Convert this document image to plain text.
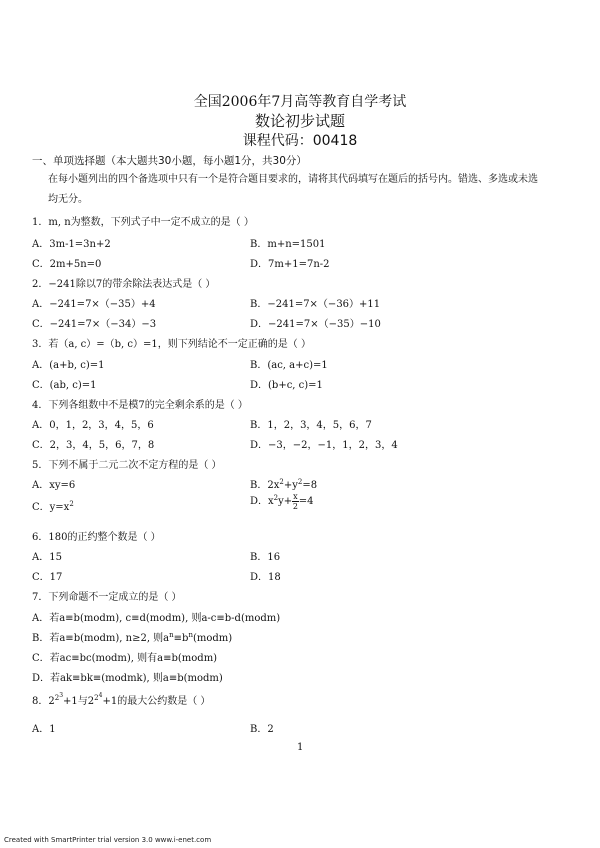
全国2006年7月高等教育自学考试
数论初步试题
课程代码：00418
一、单项选择题（本大题共30小题，每小题1分，共30分）
在每小题列出的四个备选项中只有一个是符合题目要求的，请将其代码填写在题后的括号内。错选、多选或未选
均无分。
1．m, n为整数，下列式子中一定不成立的是（ ）
A．3m-1=3n+2	B．m+n=1501
C．2m+5n=0	D．7m+1=7n-2
2．−241除以7的带余除法表达式是（ ）
A．−241=7×（−35）+4	B．−241=7×（−36）+11
C．−241=7×（−34）−3	D．−241=7×（−35）−10
3．若（a, c）=（b, c）=1，则下列结论不一定正确的是（ ）
A．(a+b, c)=1	B．(ac, a+c)=1
C．(ab, c)=1	D．(b+c, c)=1
4．下列各组数中不是模7的完全剩余系的是（ ）
A．0，1，2，3，4，5，6	B．1，2，3，4，5，6，7
C．2，3，4，5，6，7，8	D．−3，−2，−1，1，2，3，4
5．下列不属于二元二次不定方程的是（ ）
A．xy=6	B．$2x^2+y^2=8$
C．$y=x^2$	D．$x^2y+ \frac{x}{2} =4$
6．180的正约整个数是（ ）
A．15	B．16
C．17	D．18
7．下列命题不一定成立的是（ ）
A．若a≡b(modm), c≡d(modm), 则a-c≡b-d(modm)
B．若a≡b(modm), n≥2, 则$a^n\equiv b^n(modm)$
C．若ac≡bc(modm), 则有a≡b(modm)
D．若ak≡bk≡(modmk), 则a≡b(modm)
8．$2^{2^3}+1$与$2^{2^4}+1$的最大公约数是（ ）
A．1	B．2
1
Created with SmartPrinter trial version 3.0 www.i-enet.com
